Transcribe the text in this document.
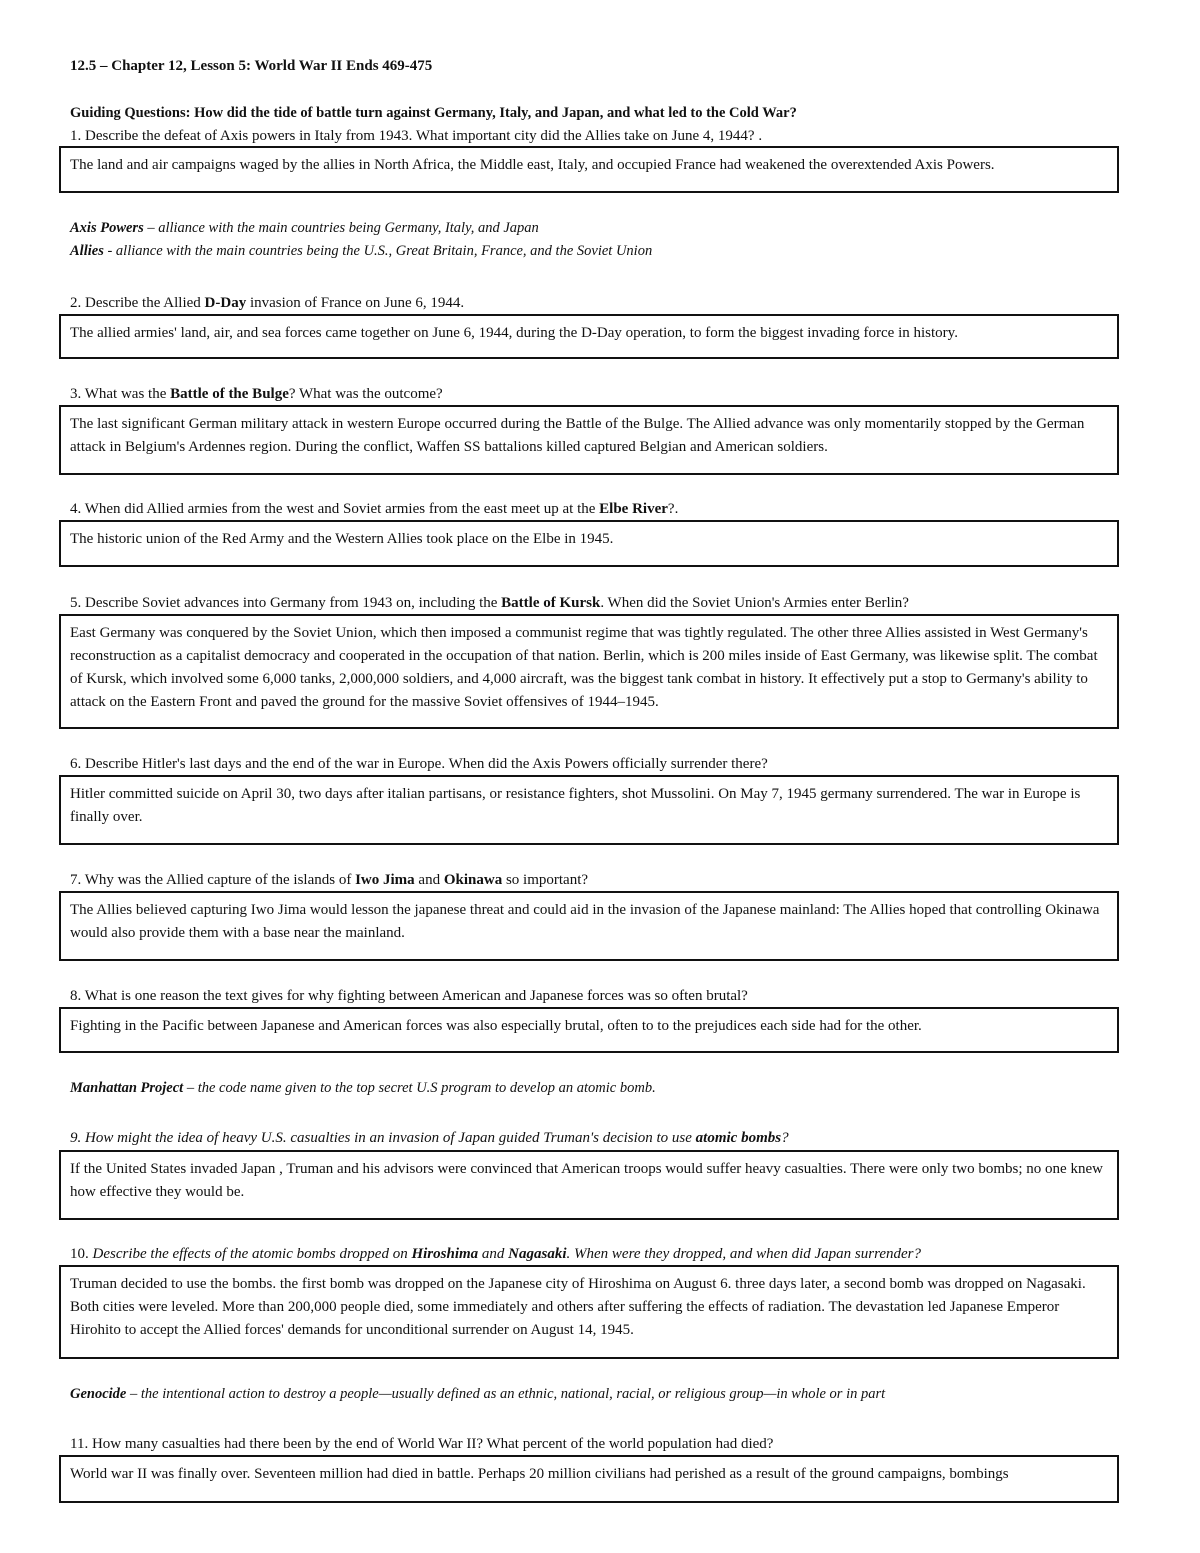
12.5 – Chapter 12, Lesson 5: World War II Ends 469-475
Guiding Questions: How did the tide of battle turn against Germany, Italy, and Japan, and what led to the Cold War?
1. Describe the defeat of Axis powers in Italy from 1943. What important city did the Allies take on June 4, 1944? .
The land and air campaigns waged by the allies in North Africa, the Middle east, Italy, and occupied France had weakened the overextended Axis Powers.
Axis Powers – alliance with the main countries being Germany, Italy, and Japan
Allies - alliance with the main countries being the U.S., Great Britain, France, and the Soviet Union
2. Describe the Allied D-Day invasion of France on June 6, 1944.
The allied armies' land, air, and sea forces came together on June 6, 1944, during the D-Day operation, to form the biggest invading force in history.
3. What was the Battle of the Bulge? What was the outcome?
The last significant German military attack in western Europe occurred during the Battle of the Bulge. The Allied advance was only momentarily stopped by the German attack in Belgium's Ardennes region. During the conflict, Waffen SS battalions killed captured Belgian and American soldiers.
4. When did Allied armies from the west and Soviet armies from the east meet up at the Elbe River?.
The historic union of the Red Army and the Western Allies took place on the Elbe in 1945.
5. Describe Soviet advances into Germany from 1943 on, including the Battle of Kursk. When did the Soviet Union's Armies enter Berlin?
East Germany was conquered by the Soviet Union, which then imposed a communist regime that was tightly regulated. The other three Allies assisted in West Germany's reconstruction as a capitalist democracy and cooperated in the occupation of that nation. Berlin, which is 200 miles inside of East Germany, was likewise split. The combat of Kursk, which involved some 6,000 tanks, 2,000,000 soldiers, and 4,000 aircraft, was the biggest tank combat in history. It effectively put a stop to Germany's ability to attack on the Eastern Front and paved the ground for the massive Soviet offensives of 1944–1945.
6. Describe Hitler's last days and the end of the war in Europe. When did the Axis Powers officially surrender there?
Hitler committed suicide on April 30, two days after italian partisans, or resistance fighters, shot Mussolini. On May 7, 1945 germany surrendered. The war in Europe is finally over.
7. Why was the Allied capture of the islands of Iwo Jima and Okinawa so important?
The Allies believed capturing Iwo Jima would lesson the japanese threat and could aid in the invasion of the Japanese mainland: The Allies hoped that controlling Okinawa would also provide them with a base near the mainland.
8. What is one reason the text gives for why fighting between American and Japanese forces was so often brutal?
Fighting in the Pacific between Japanese and American forces was also especially brutal, often to to the prejudices each side had for the other.
Manhattan Project – the code name given to the top secret U.S program to develop an atomic bomb.
9. How might the idea of heavy U.S. casualties in an invasion of Japan guided Truman's decision to use atomic bombs?
If the United States invaded Japan , Truman and his advisors were convinced that American troops would suffer heavy casualties. There were only two bombs; no one knew how effective they would be.
10. Describe the effects of the atomic bombs dropped on Hiroshima and Nagasaki. When were they dropped, and when did Japan surrender?
Truman decided to use the bombs. the first bomb was dropped on the Japanese city of Hiroshima on August 6. three days later, a second bomb was dropped on Nagasaki. Both cities were leveled. More than 200,000 people died, some immediately and others after suffering the effects of radiation. The devastation led Japanese Emperor Hirohito to accept the Allied forces' demands for unconditional surrender on August 14, 1945.
Genocide – the intentional action to destroy a people—usually defined as an ethnic, national, racial, or religious group—in whole or in part
11. How many casualties had there been by the end of World War II? What percent of the world population had died?
World war II was finally over. Seventeen million had died in battle. Perhaps 20 million civilians had perished as a result of the ground campaigns, bombings
